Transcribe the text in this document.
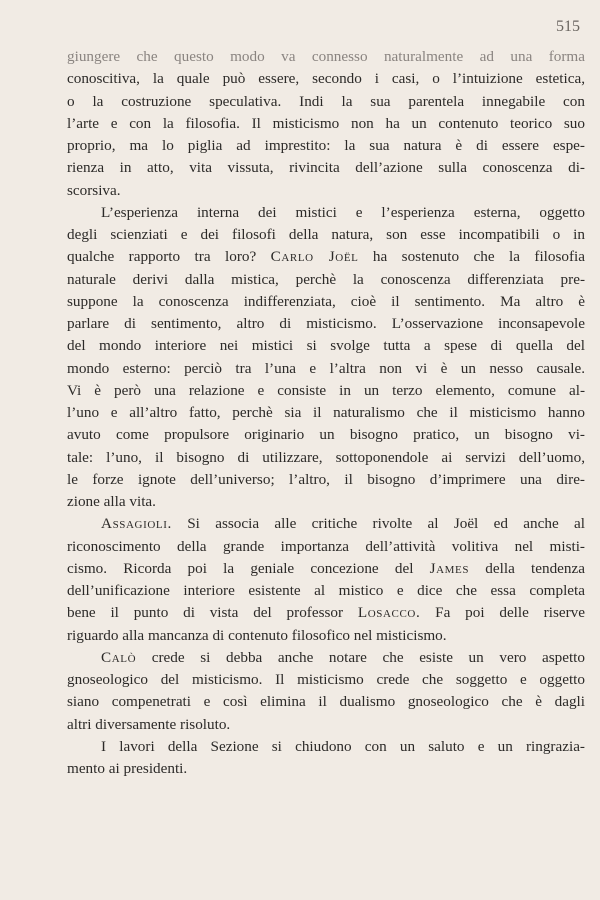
515
giungere che questo modo va connesso naturalmente ad una forma
conoscitiva, la quale può essere, secondo i casi, o l’intuizione estetica,
o la costruzione speculativa. Indi la sua parentela innegabile con
l’arte e con la filosofia. Il misticismo non ha un contenuto teorico suo
proprio, ma lo piglia ad imprestito: la sua natura è di essere espe-
rienza in atto, vita vissuta, rivincita dell’azione sulla conoscenza di-
scorsiva.
L’esperienza interna dei mistici e l’esperienza esterna, oggetto
degli scienziati e dei filosofi della natura, son esse incompatibili o in
qualche rapporto tra loro? Carlo Joël ha sostenuto che la filosofia
naturale derivi dalla mistica, perchè la conoscenza differenziata pre-
suppone la conoscenza indifferenziata, cioè il sentimento. Ma altro è
parlare di sentimento, altro di misticismo. L’osservazione inconsapevole
del mondo interiore nei mistici si svolge tutta a spese di quella del
mondo esterno: perciò tra l’una e l’altra non vi è un nesso causale.
Vi è però una relazione e consiste in un terzo elemento, comune al-
l’uno e all’altro fatto, perchè sia il naturalismo che il misticismo hanno
avuto come propulsore originario un bisogno pratico, un bisogno vi-
tale: l’uno, il bisogno di utilizzare, sottoponendole ai servizi dell’uomo,
le forze ignote dell’universo; l’altro, il bisogno d’imprimere una dire-
zione alla vita.
Assagioli. Si associa alle critiche rivolte al Joël ed anche al
riconoscimento della grande importanza dell’attività volitiva nel misti-
cismo. Ricorda poi la geniale concezione del James della tendenza
dell’unificazione interiore esistente al mistico e dice che essa completa
bene il punto di vista del professor Losacco. Fa poi delle riserve
riguardo alla mancanza di contenuto filosofico nel misticismo.
Calò crede si debba anche notare che esiste un vero aspetto
gnoseologico del misticismo. Il misticismo crede che soggetto e oggetto
siano compenetrati e così elimina il dualismo gnoseologico che è dagli
altri diversamente risoluto.
I lavori della Sezione si chiudono con un saluto e un ringrazia-
mento ai presidenti.
